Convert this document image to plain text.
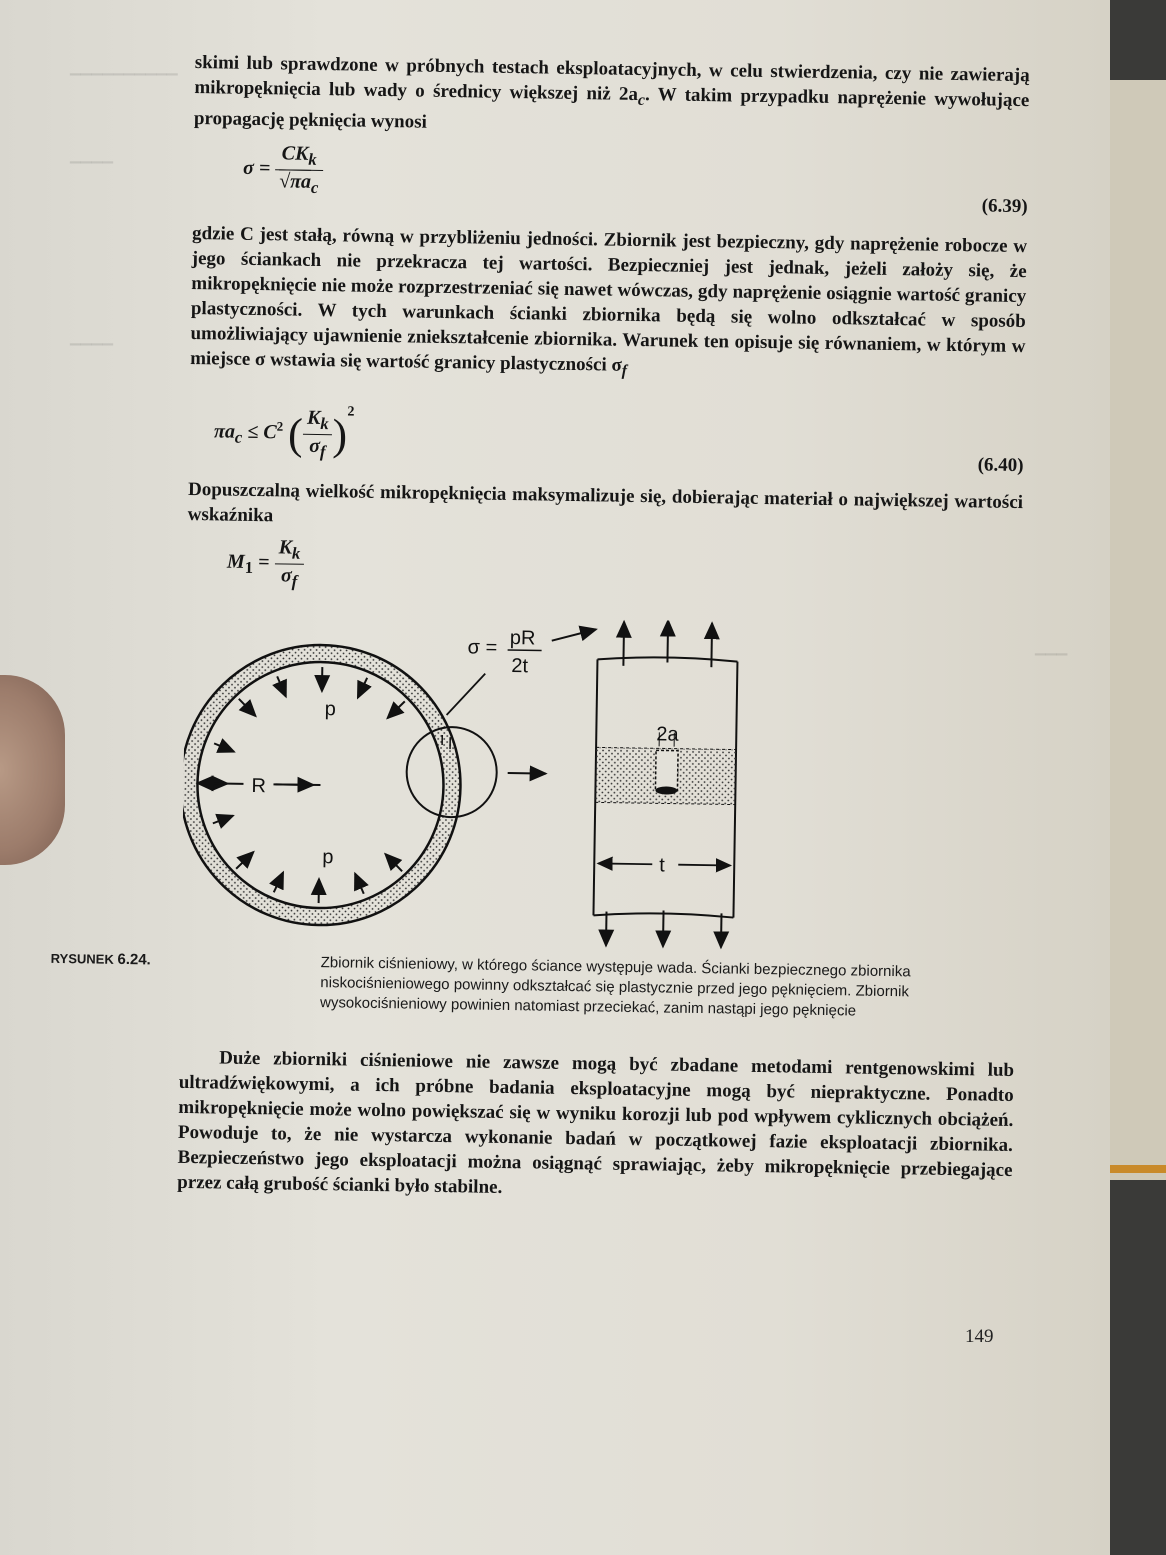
▁▁▁▁▁▁▁▁▁▁
▁▁▁▁
▁▁▁▁
▁▁▁

skimi lub sprawdzone w próbnych testach eksploatacyjnych, w celu stwierdzenia, czy nie zawierają mikropęknięcia lub wady o średnicy większej niż $2a_c$. W takim przypadku naprężenie wywołujące propagację pęknięcia wynosi

$\sigma = \frac{CK_k}{√\pi a_c}$
(6.39)

gdzie C jest stałą, równą w przybliżeniu jedności. Zbiornik jest bezpieczny, gdy naprężenie robocze w jego ściankach nie przekracza tej wartości. Bezpieczniej jest jednak, jeżeli założy się, że mikropęknięcie nie może rozprzestrzeniać się nawet wówczas, gdy naprężenie osiągnie wartość granicy plastyczności. W tych warunkach ścianki zbiornika będą się wolno odkształcać w sposób umożliwiający ujawnienie zniekształcenie zbiornika. Warunek ten opisuje się równaniem, w którym w miejsce σ wstawia się wartość granicy plastyczności $\sigma_f$

$\pi a_c \le C^2$ ( $\frac{K_k}{\sigma_f} )^2$
(6.40)

Dopuszczalną wielkość mikropęknięcia maksymalizuje się, dobierając materiał o największej wartości wskaźnika

$M_1 = \frac{K_k}{\sigma_f}$
R
p
p
σ = pR
2t
2a
t
RYSUNEK 6.24.	Zbiornik ciśnieniowy, w którego ściance występuje wada. Ścianki bezpiecznego zbiornika niskociśnieniowego powinny odkształcać się plastycznie przed jego pęknięciem. Zbiornik wysokociśnieniowy powinien natomiast przeciekać, zanim nastąpi jego pęknięcie

Duże zbiorniki ciśnieniowe nie zawsze mogą być zbadane metodami rentgenowskimi lub ultradźwiękowymi, a ich próbne badania eksploatacyjne mogą być niepraktyczne. Ponadto mikropęknięcie może wolno powiększać się w wyniku korozji lub pod wpływem cyklicznych obciążeń. Powoduje to, że nie wystarcza wykonanie badań w początkowej fazie eksploatacji zbiornika. Bezpieczeństwo jego eksploatacji można osiągnąć sprawiając, żeby mikropęknięcie przebiegające przez całą grubość ścianki było stabilne.

149
